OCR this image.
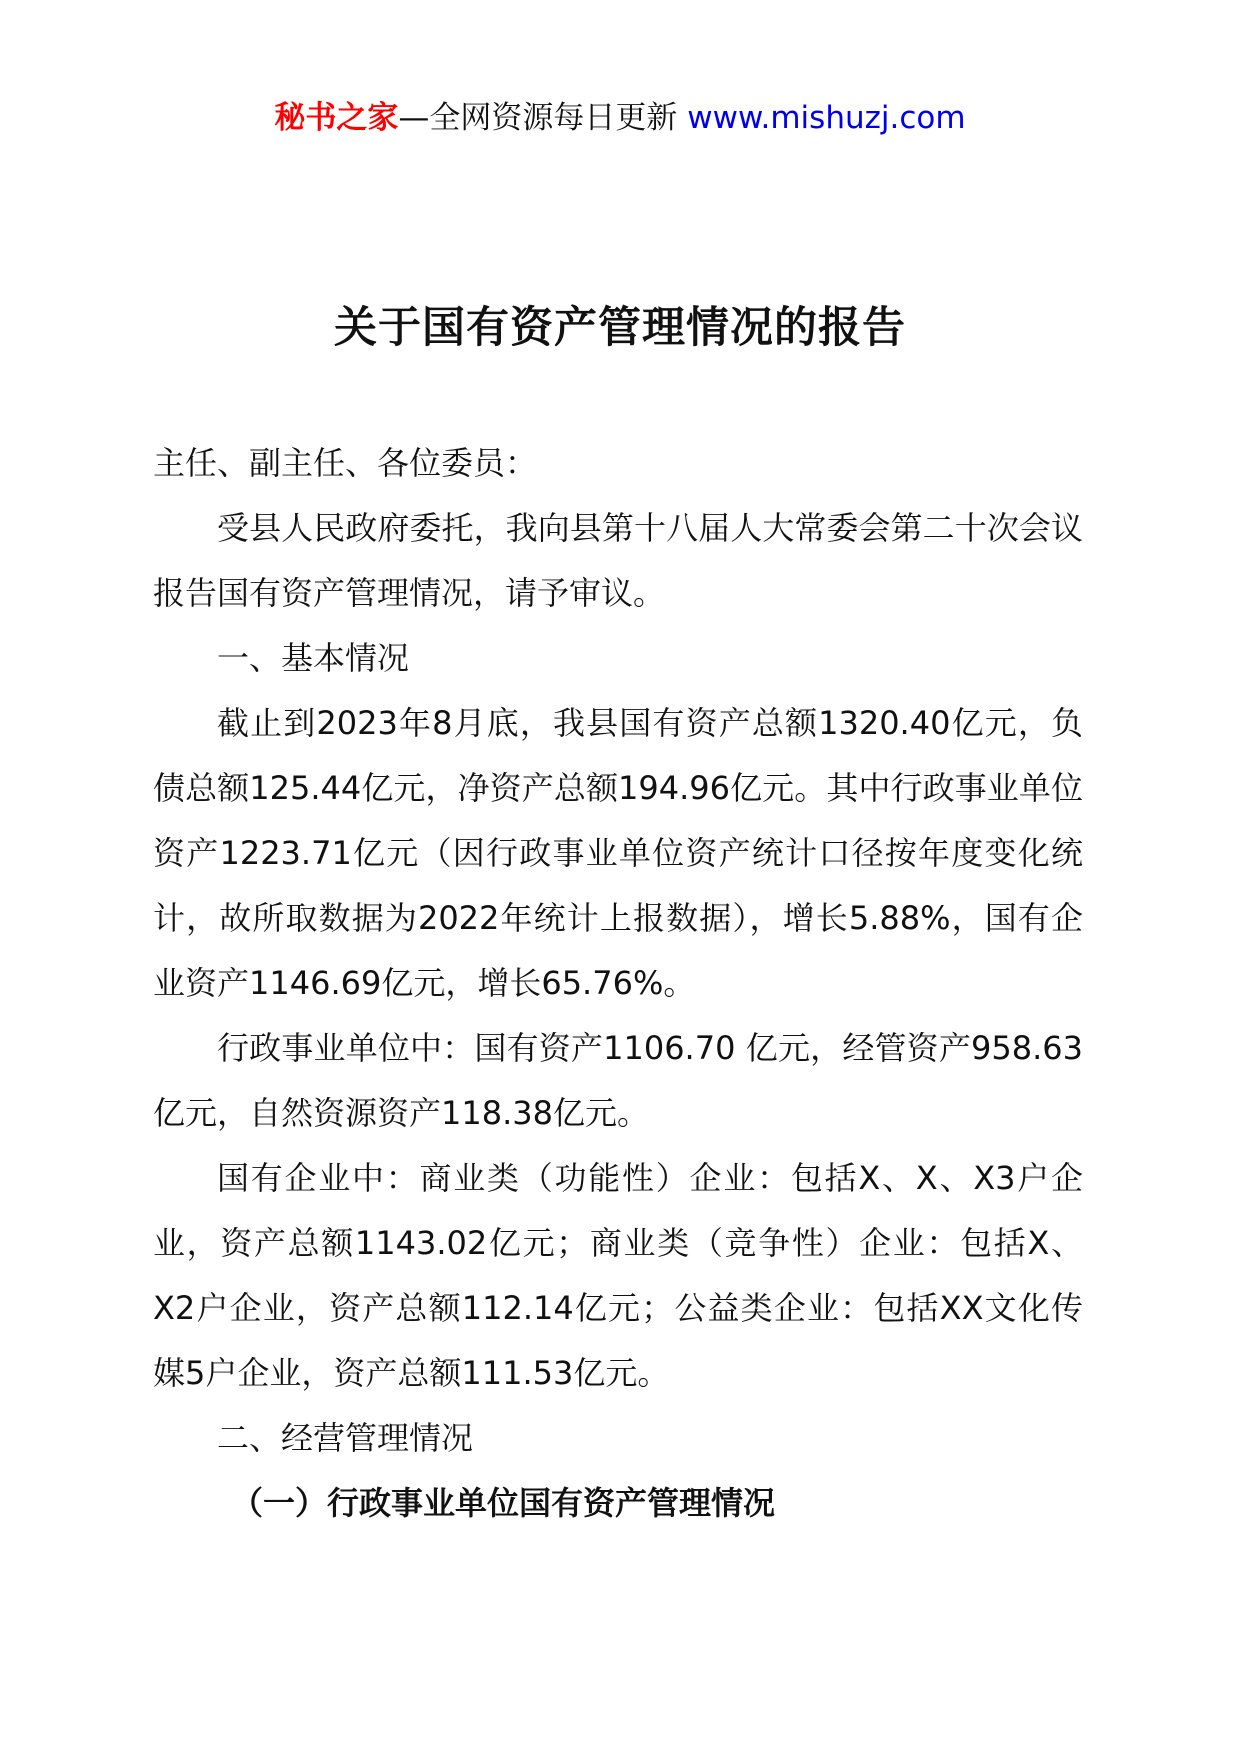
秘书之家—全网资源每日更新 www.mishuzj.com
关于国有资产管理情况的报告

主任、副主任、各位委员：

受县人民政府委托，我向县第十八届人大常委会第二十次会议报告国有资产管理情况，请予审议。

一、基本情况

截止到2023年8月底，我县国有资产总额1320.40亿元，负债总额125.44亿元，净资产总额194.96亿元。其中行政事业单位资产1223.71亿元（因行政事业单位资产统计口径按年度变化统计，故所取数据为2022年统计上报数据），增长5.88%，国有企业资产1146.69亿元，增长65.76%。

行政事业单位中：国有资产1106.70 亿元，经管资产958.63亿元，自然资源资产118.38亿元。

国有企业中：商业类（功能性）企业：包括X、X、X3户企业，资产总额1143.02亿元；商业类（竞争性）企业：包括X、X2户企业，资产总额112.14亿元；公益类企业：包括XX文化传媒5户企业，资产总额111.53亿元。

二、经营管理情况

（一）行政事业单位国有资产管理情况
